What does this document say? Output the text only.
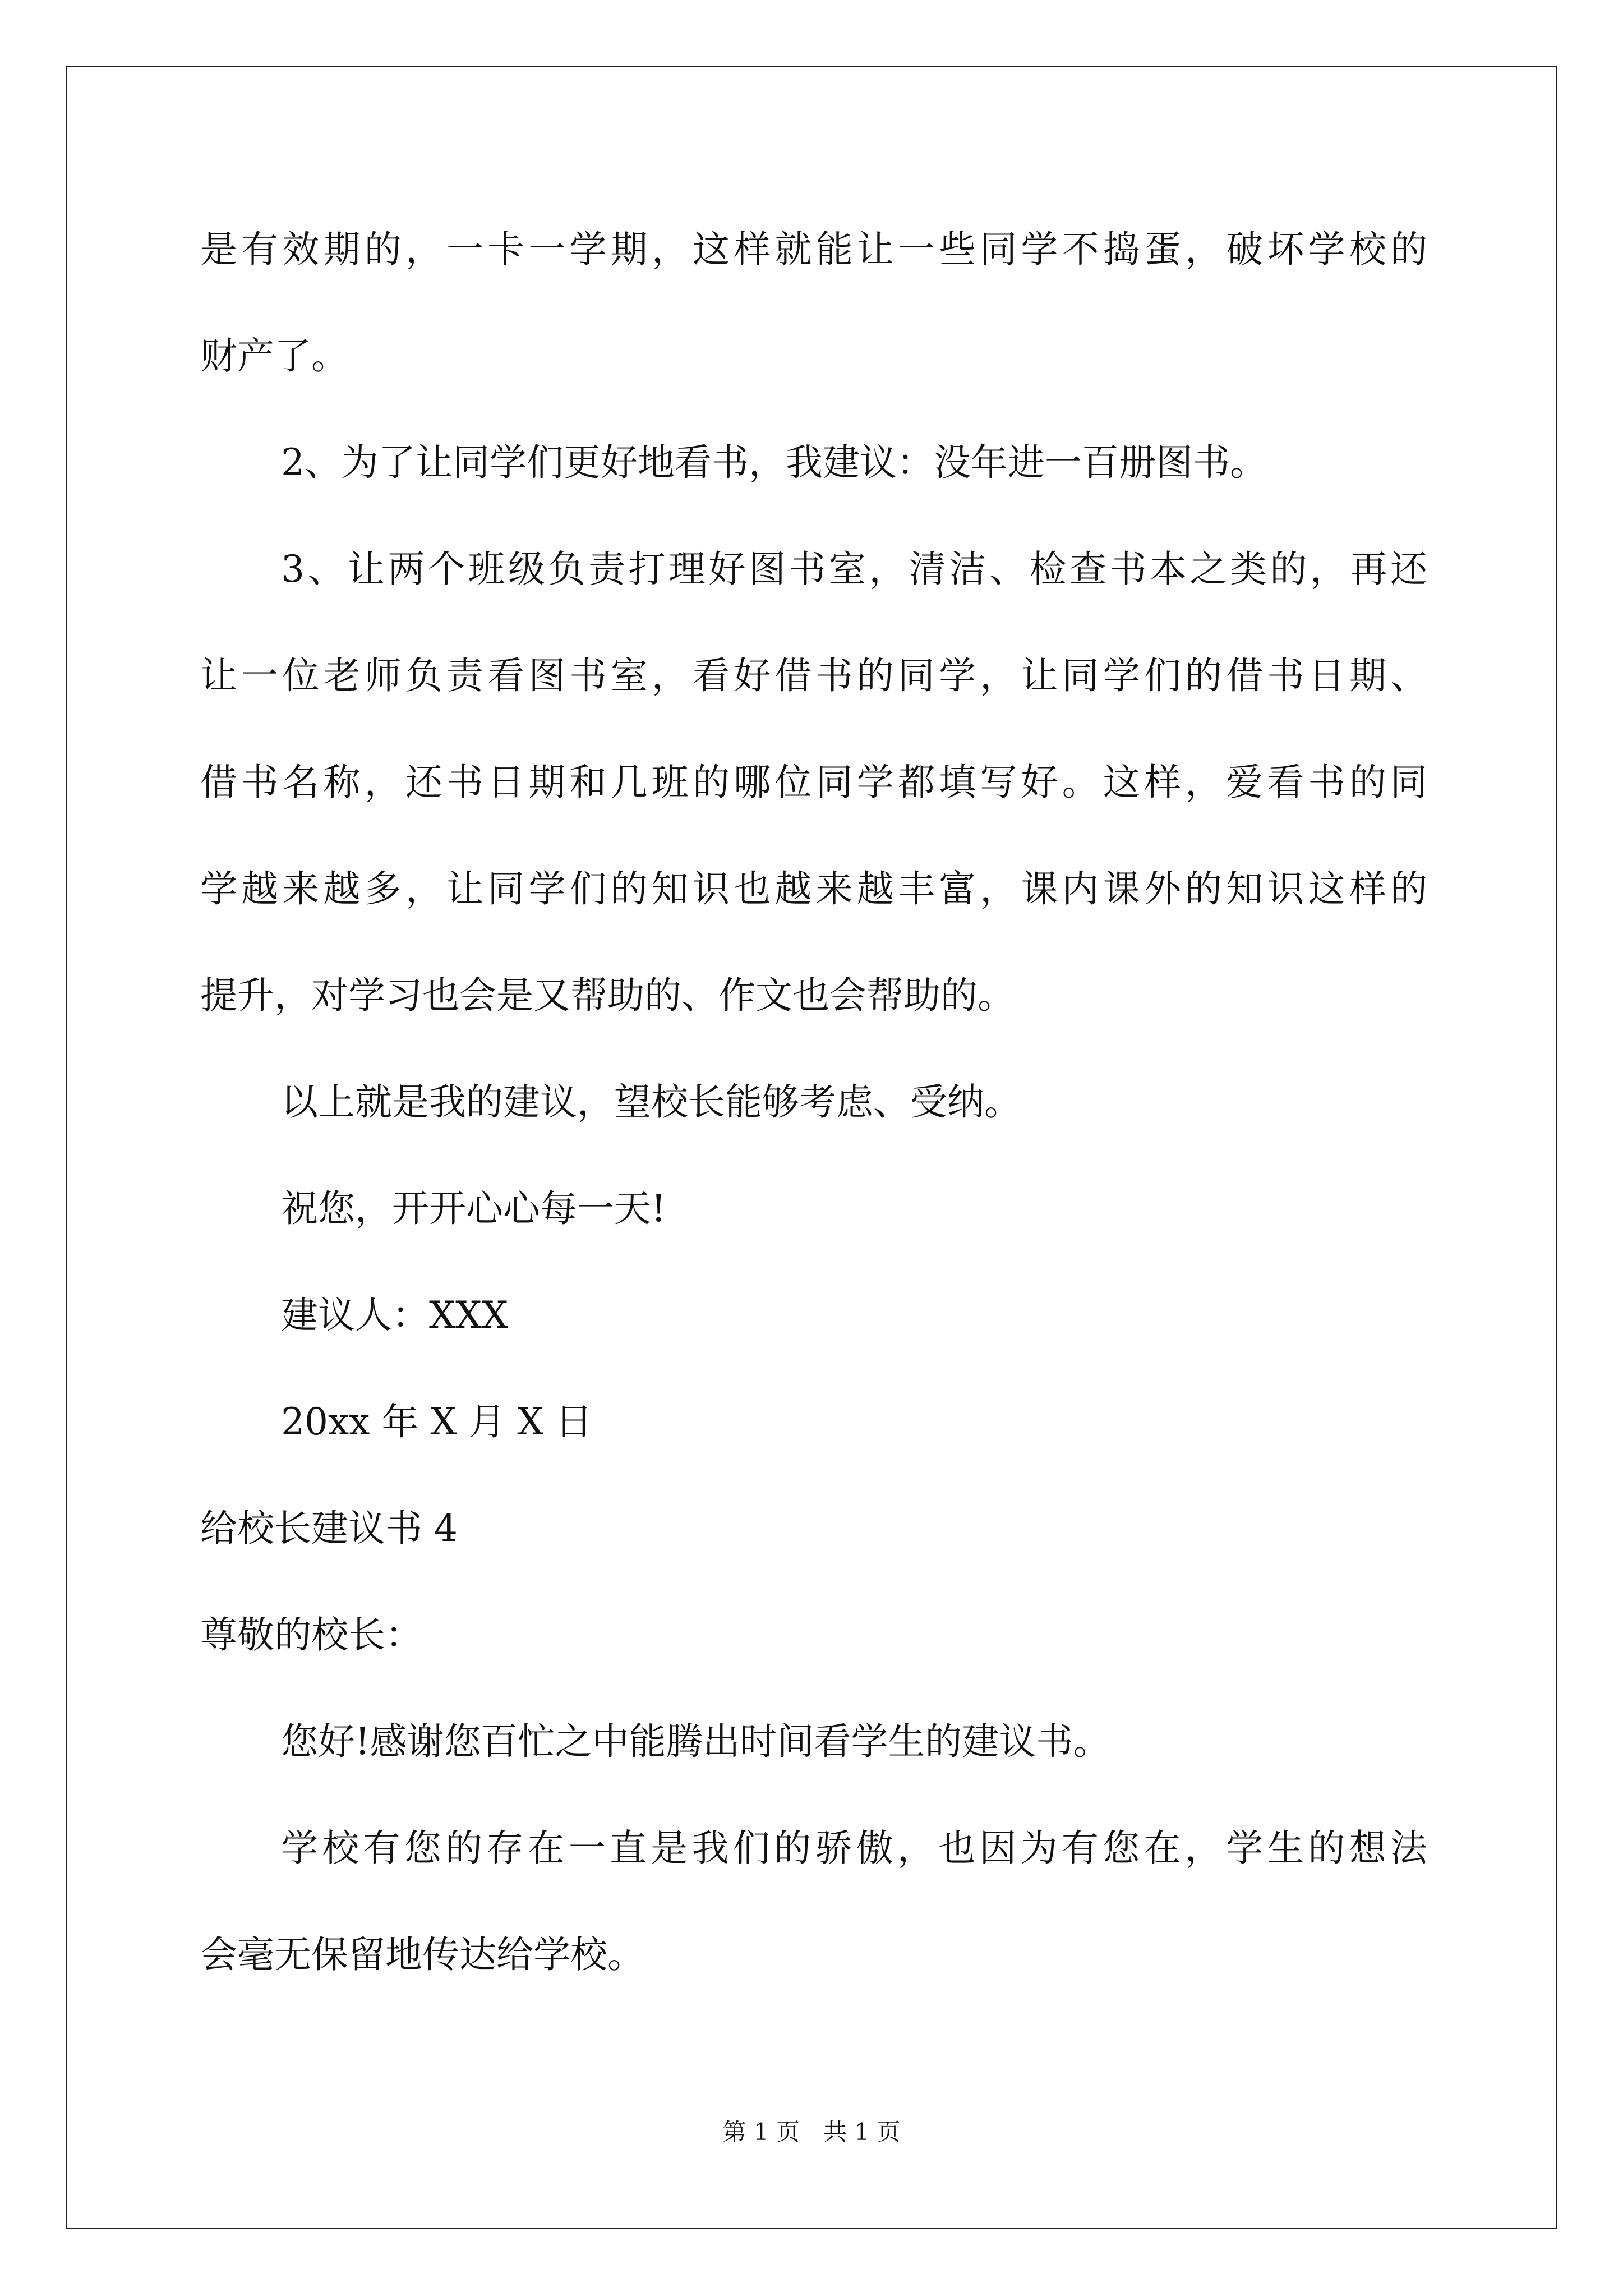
是有效期的，一卡一学期，这样就能让一些同学不捣蛋，破坏学校的
财产了。
2、为了让同学们更好地看书，我建议：没年进一百册图书。
3、让两个班级负责打理好图书室，清洁、检查书本之类的，再还
让一位老师负责看图书室，看好借书的同学，让同学们的借书日期、
借书名称，还书日期和几班的哪位同学都填写好。这样，爱看书的同
学越来越多，让同学们的知识也越来越丰富，课内课外的知识这样的
提升，对学习也会是又帮助的、作文也会帮助的。
以上就是我的建议，望校长能够考虑、受纳。
祝您，开开心心每一天!
建议人：XXX
20xx 年 X 月 X 日
给校长建议书 4
尊敬的校长：
您好!感谢您百忙之中能腾出时间看学生的建议书。
学校有您的存在一直是我们的骄傲，也因为有您在，学生的想法
会毫无保留地传达给学校。
第 1 页　共 1 页
